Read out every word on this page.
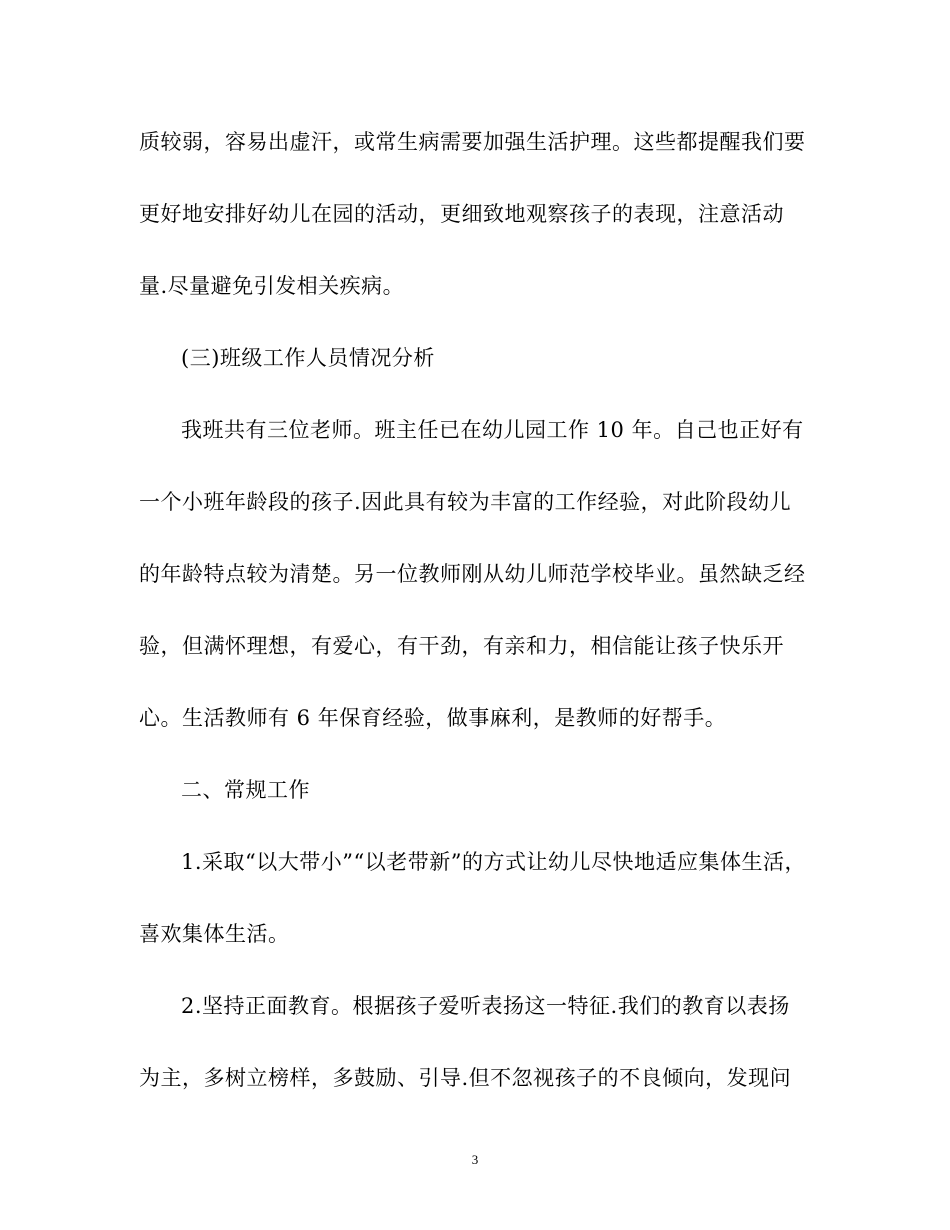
质较弱，容易出虚汗，或常生病需要加强生活护理。这些都提醒我们要
更好地安排好幼儿在园的活动，更细致地观察孩子的表现，注意活动
量.尽量避免引发相关疾病。
(三)班级工作人员情况分析
我班共有三位老师。班主任已在幼儿园工作 10 年。自己也正好有
一个小班年龄段的孩子.因此具有较为丰富的工作经验，对此阶段幼儿
的年龄特点较为清楚。另一位教师刚从幼儿师范学校毕业。虽然缺乏经
验，但满怀理想，有爱心，有干劲，有亲和力，相信能让孩子快乐开
心。生活教师有 6 年保育经验，做事麻利，是教师的好帮手。
二、常规工作
1.采取“以大带小”“以老带新”的方式让幼儿尽快地适应集体生活，
喜欢集体生活。
2.坚持正面教育。根据孩子爱听表扬这一特征.我们的教育以表扬
为主，多树立榜样，多鼓励、引导.但不忽视孩子的不良倾向，发现问
3
